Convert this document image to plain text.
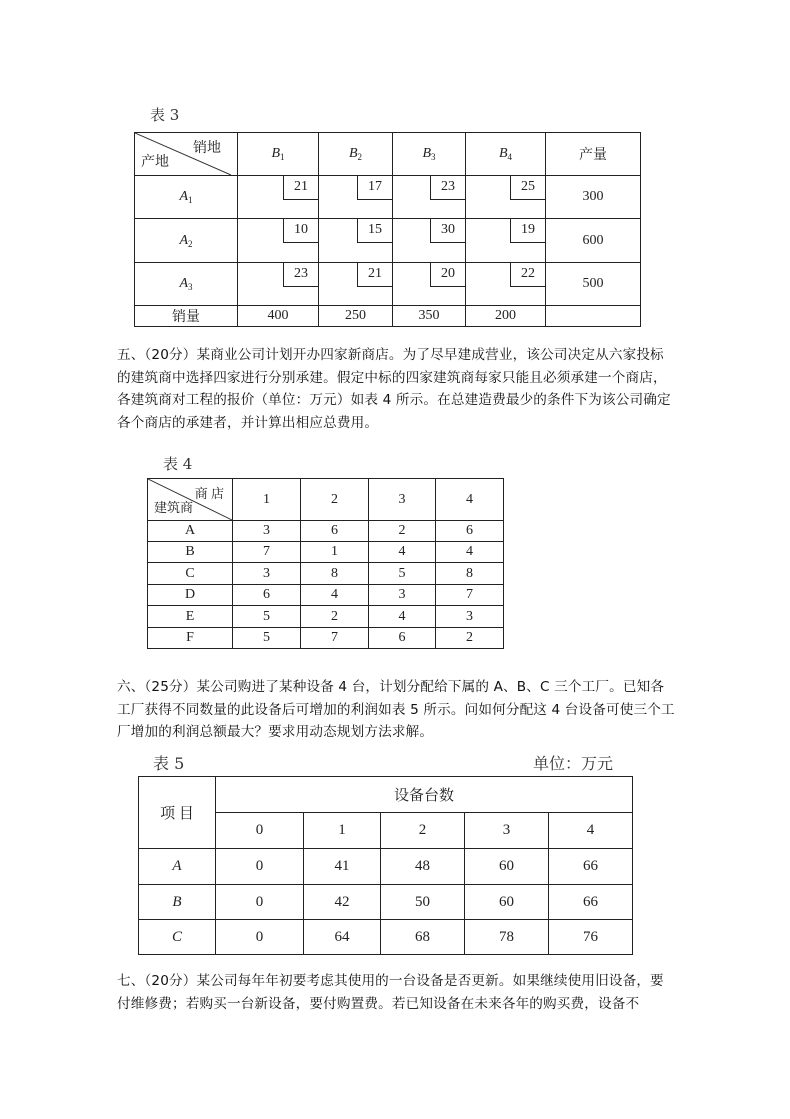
表 3
销地
产地	$B_1$	$B_2$	$B_3$	$B_4$	产量
$A_1$	21	17	23	25	300
$A_2$	10	15	30	19	600
$A_3$	23	21	20	22	500
销量	400	250	350	200	
五、（20分）某商业公司计划开办四家新商店。为了尽早建成营业，该公司决定从六家投标的建筑商中选择四家进行分别承建。假定中标的四家建筑商每家只能且必须承建一个商店，各建筑商对工程的报价（单位：万元）如表 4 所示。在总建造费最少的条件下为该公司确定各个商店的承建者，并计算出相应总费用。
表 4
商 店
建筑商	1	2	3	4
A	3	6	2	6
B	7	1	4	4
C	3	8	5	8
D	6	4	3	7
E	5	2	4	3
F	5	7	6	2
六、（25分）某公司购进了某种设备 4 台，计划分配给下属的 A、B、C 三个工厂。已知各工厂获得不同数量的此设备后可增加的利润如表 5 所示。问如何分配这 4 台设备可使三个工厂增加的利润总额最大？要求用动态规划方法求解。
表 5	单位：万元
项 目	设备台数				
	0	1	2	3	4
A	0	41	48	60	66
B	0	42	50	60	66
C	0	64	68	78	76
七、（20分）某公司每年年初要考虑其使用的一台设备是否更新。如果继续使用旧设备，要付维修费；若购买一台新设备，要付购置费。若已知设备在未来各年的购买费，设备不
